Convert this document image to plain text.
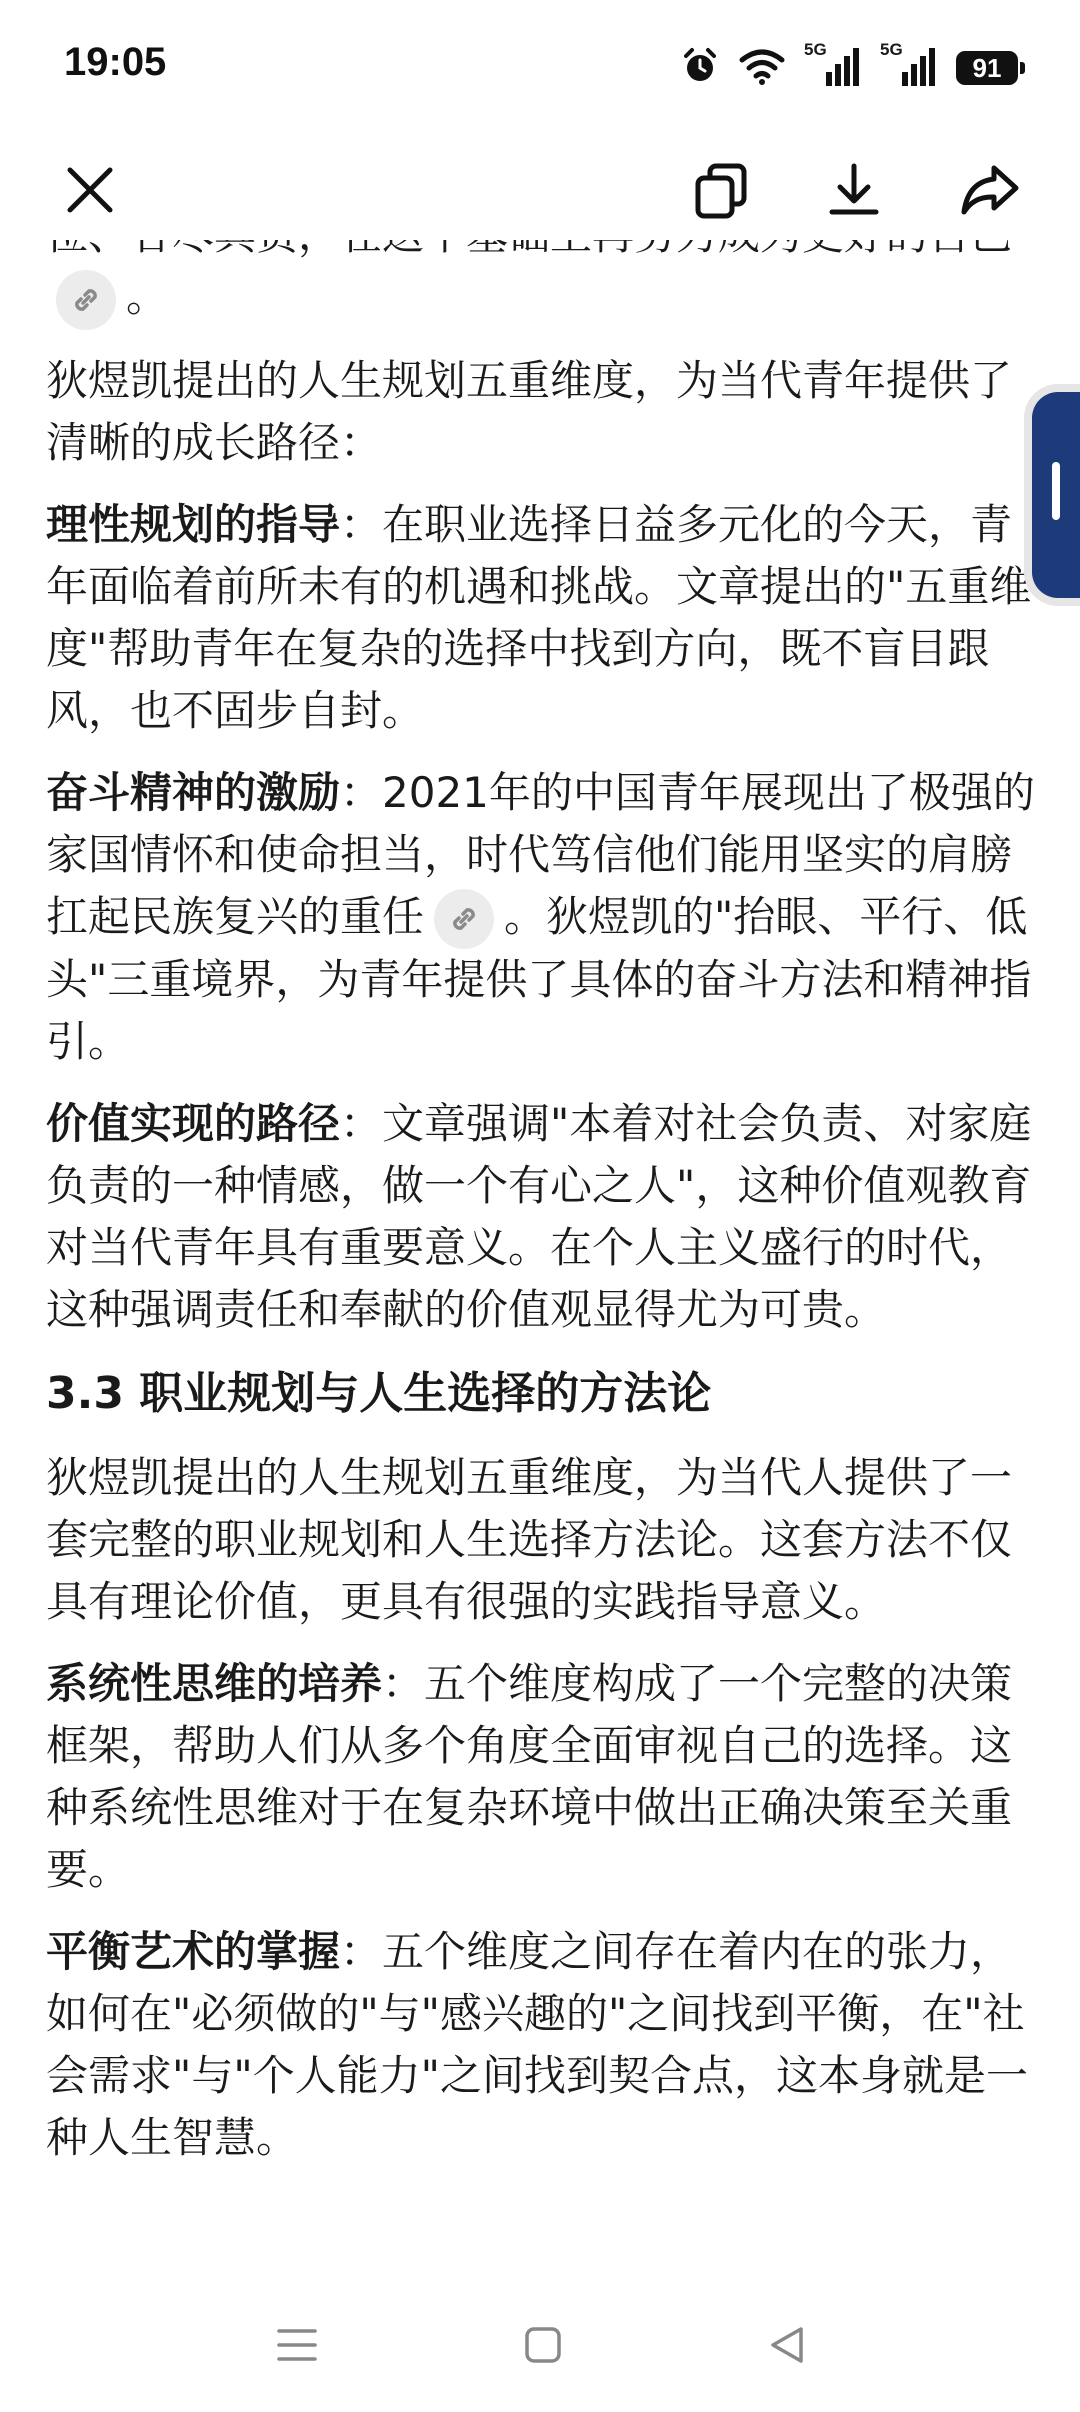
19:05	5G	5G
91

。

狄煜凯提出的人生规划五重维度，为当代青年提供了清晰的成长路径：

理性规划的指导：在职业选择日益多元化的今天，青年面临着前所未有的机遇和挑战。文章提出的"五重维度"帮助青年在复杂的选择中找到方向，既不盲目跟风，也不固步自封。

奋斗精神的激励：2021年的中国青年展现出了极强的家国情怀和使命担当，时代笃信他们能用坚实的肩膀扛起民族复兴的重任 。狄煜凯的"抬眼、平行、低头"三重境界，为青年提供了具体的奋斗方法和精神指引。

价值实现的路径：文章强调"本着对社会负责、对家庭负责的一种情感，做一个有心之人"，这种价值观教育对当代青年具有重要意义。在个人主义盛行的时代，这种强调责任和奉献的价值观显得尤为可贵。

3.3 职业规划与人生选择的方法论

狄煜凯提出的人生规划五重维度，为当代人提供了一套完整的职业规划和人生选择方法论。这套方法不仅具有理论价值，更具有很强的实践指导意义。

系统性思维的培养：五个维度构成了一个完整的决策框架，帮助人们从多个角度全面审视自己的选择。这种系统性思维对于在复杂环境中做出正确决策至关重要。

平衡艺术的掌握：五个维度之间存在着内在的张力，如何在"必须做的"与"感兴趣的"之间找到平衡，在"社会需求"与"个人能力"之间找到契合点，这本身就是一种人生智慧。
